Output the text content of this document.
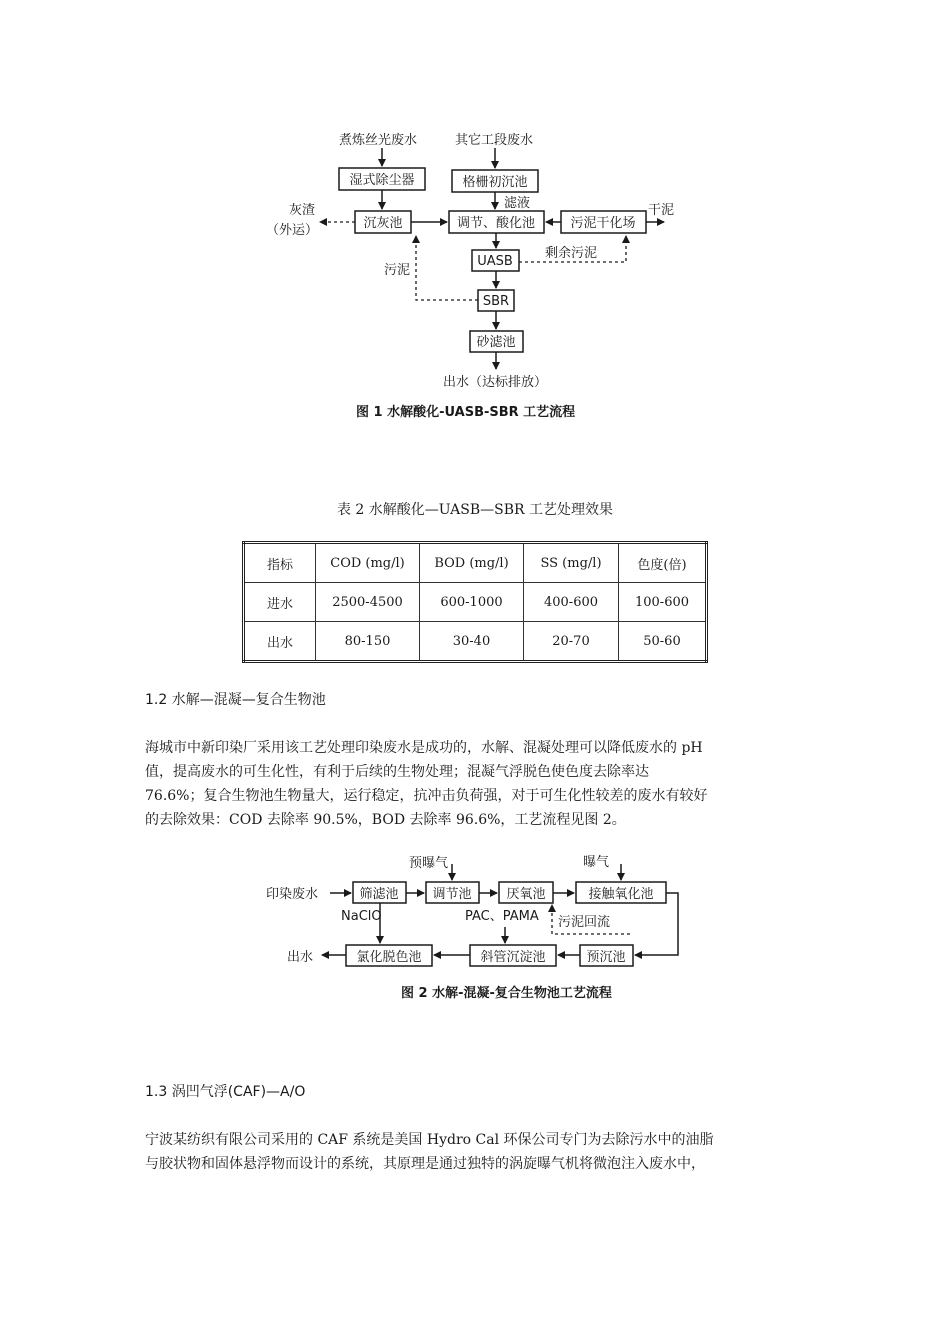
煮炼丝光废水	其它工段废水
湿式除尘器	格栅初沉池
沉灰池	调节、酸化池	污泥干化场
UASB
SBR
砂滤池
灰渣
（外运）
滤液	干泥
剩余污泥
污泥
出水（达标排放）
图 1 水解酸化-UASB-SBR 工艺流程
表 2 水解酸化—UASB—SBR 工艺处理效果
指标	COD (mg/l)	BOD (mg/l)	SS (mg/l)	色度(倍)
进水	2500-4500	600-1000	400-600	100-600
出水	80-150	30-40	20-70	50-60
1.2 水解—混凝—复合生物池
海城市中新印染厂采用该工艺处理印染废水是成功的，水解、混凝处理可以降低废水的 pH
值，提高废水的可生化性，有利于后续的生物处理；混凝气浮脱色使色度去除率达
76.6%；复合生物池生物量大，运行稳定，抗冲击负荷强，对于可生化性较差的废水有较好
的去除效果：COD 去除率 90.5%，BOD 去除率 96.6%，工艺流程见图 2。
印染废水	筛滤池	调节池	厌氧池	接触氧化池
氯化脱色池	斜管沉淀池	预沉池
预曝气	曝气
NaClO	PAC、PAMA 污泥回流
出水
图 2 水解-混凝-复合生物池工艺流程
1.3 涡凹气浮(CAF)—A/O
宁波某纺织有限公司采用的 CAF 系统是美国 Hydro Cal 环保公司专门为去除污水中的油脂
与胶状物和固体悬浮物而设计的系统，其原理是通过独特的涡旋曝气机将微泡注入废水中，
